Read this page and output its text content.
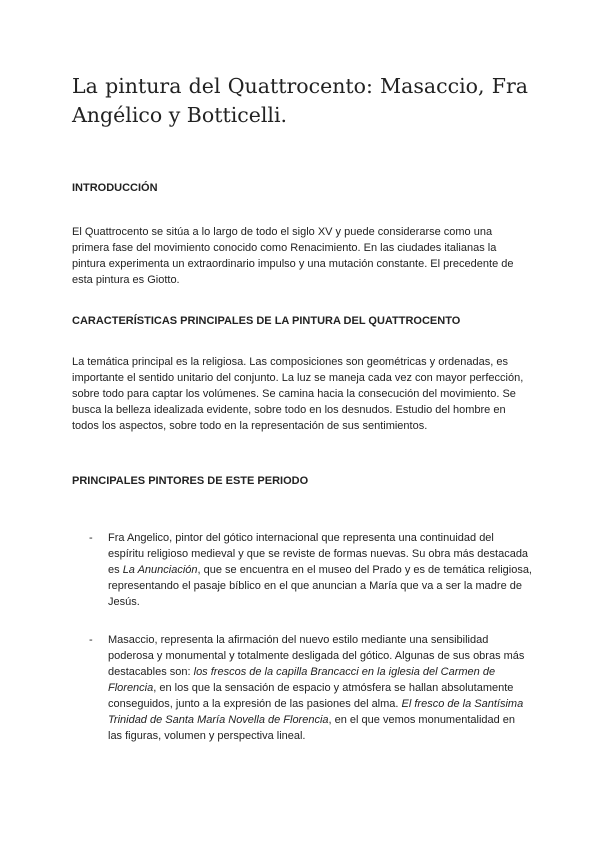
La pintura del Quattrocento: Masaccio, Fra Angélico y Botticelli.
INTRODUCCIÓN

El Quattrocento se sitúa a lo largo de todo el siglo XV y puede considerarse como una primera fase del movimiento conocido como Renacimiento. En las ciudades italianas la pintura experimenta un extraordinario impulso y una mutación constante. El precedente de esta pintura es Giotto.

CARACTERÍSTICAS PRINCIPALES DE LA PINTURA DEL QUATTROCENTO

La temática principal es la religiosa. Las composiciones son geométricas y ordenadas, es importante el sentido unitario del conjunto. La luz se maneja cada vez con mayor perfección, sobre todo para captar los volúmenes. Se camina hacia la consecución del movimiento. Se busca la belleza idealizada evidente, sobre todo en los desnudos. Estudio del hombre en todos los aspectos, sobre todo en la representación de sus sentimientos.

PRINCIPALES PINTORES DE ESTE PERIODO
- Fra Angelico, pintor del gótico internacional que representa una continuidad del espíritu religioso medieval y que se reviste de formas nuevas. Su obra más destacada es La Anunciación, que se encuentra en el museo del Prado y es de temática religiosa, representando el pasaje bíblico en el que anuncian a María que va a ser la madre de Jesús.
- Masaccio, representa la afirmación del nuevo estilo mediante una sensibilidad poderosa y monumental y totalmente desligada del gótico. Algunas de sus obras más destacables son: los frescos de la capilla Brancacci en la iglesia del Carmen de Florencia, en los que la sensación de espacio y atmósfera se hallan absolutamente conseguidos, junto a la expresión de las pasiones del alma. El fresco de la Santísima Trinidad de Santa María Novella de Florencia, en el que vemos monumentalidad en las figuras, volumen y perspectiva lineal.
